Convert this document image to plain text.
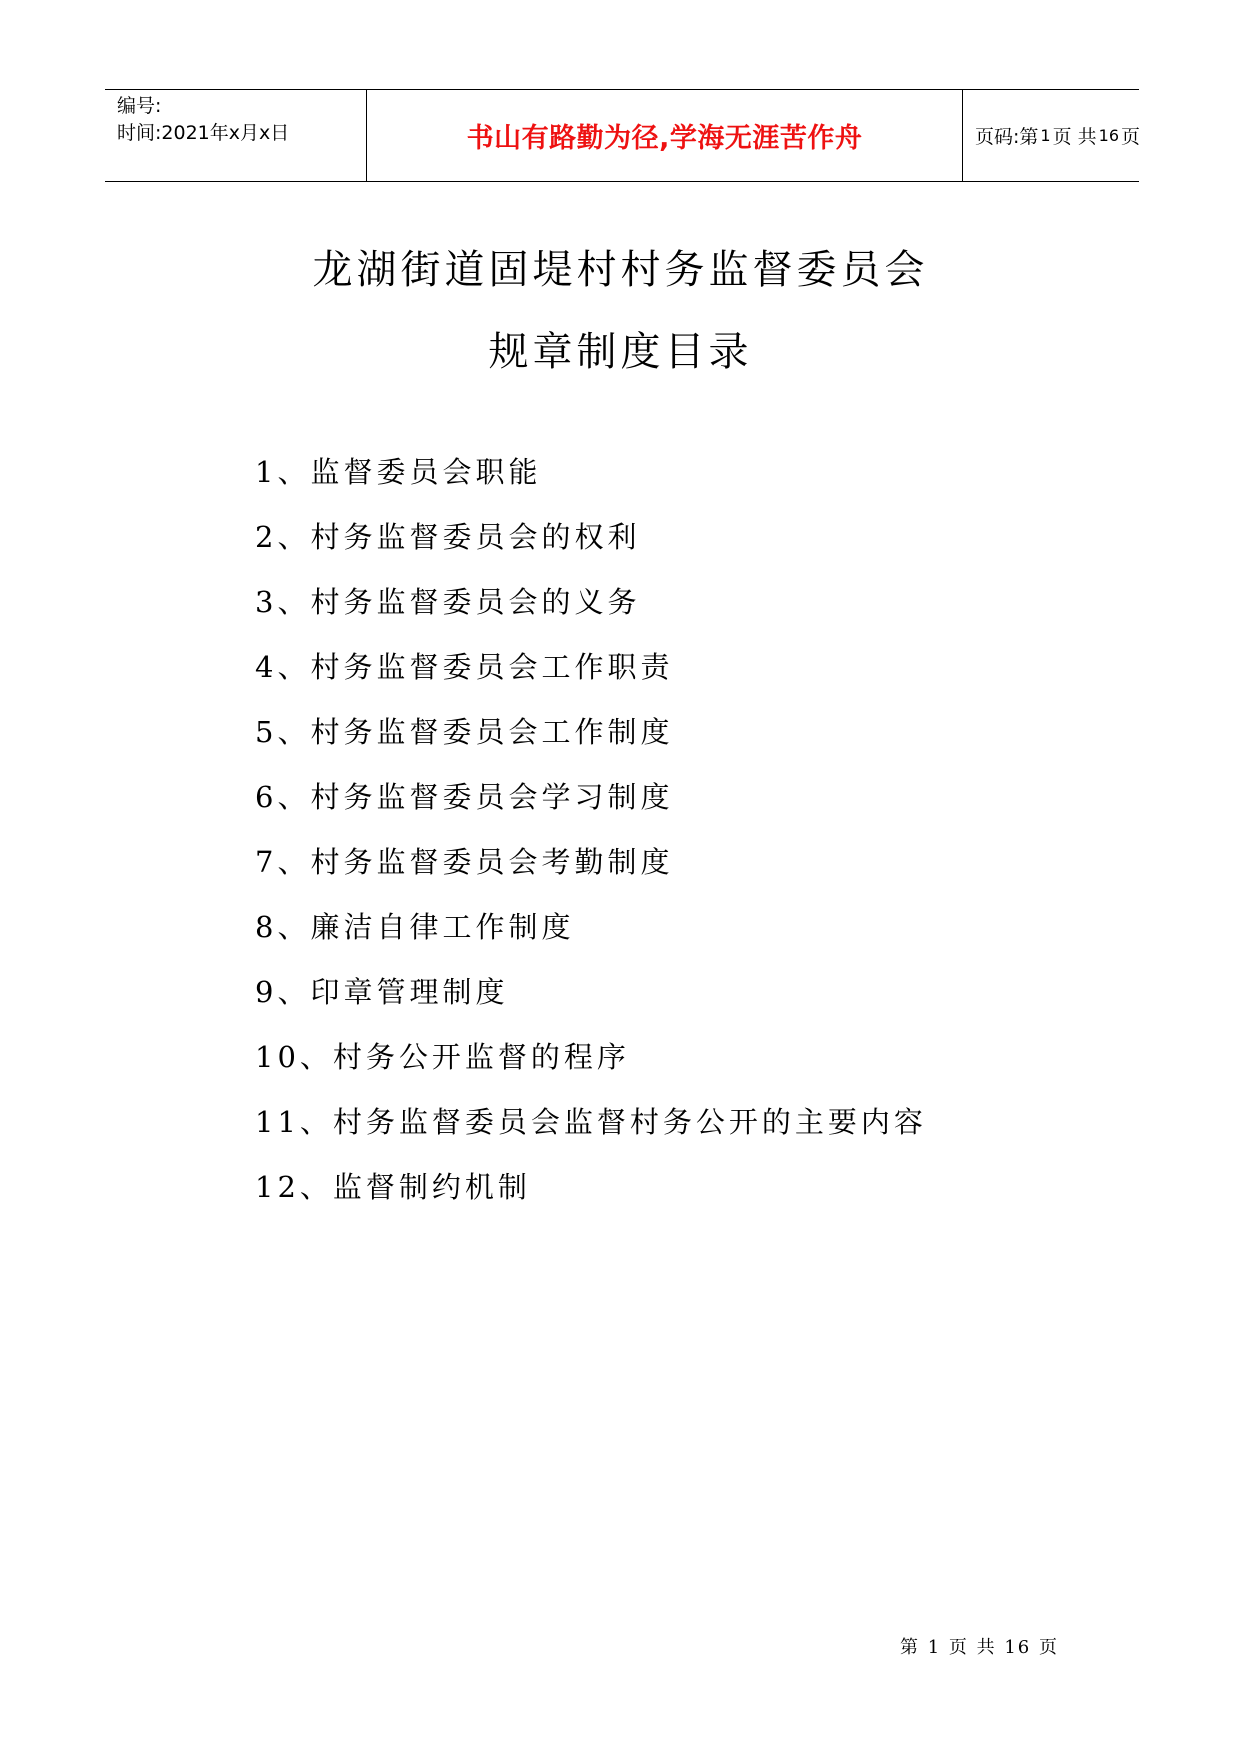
编号:
时间:2021年x月x日	书山有路勤为径,学海无涯苦作舟	页码:第 1 页 共 16 页
龙湖街道固堤村村务监督委员会
规章制度目录
1、监督委员会职能
2、村务监督委员会的权利
3、村务监督委员会的义务
4、村务监督委员会工作职责
5、村务监督委员会工作制度
6、村务监督委员会学习制度
7、村务监督委员会考勤制度
8、廉洁自律工作制度
9、印章管理制度
10、村务公开监督的程序
11、村务监督委员会监督村务公开的主要内容
12、监督制约机制
第 1 页 共 16 页
